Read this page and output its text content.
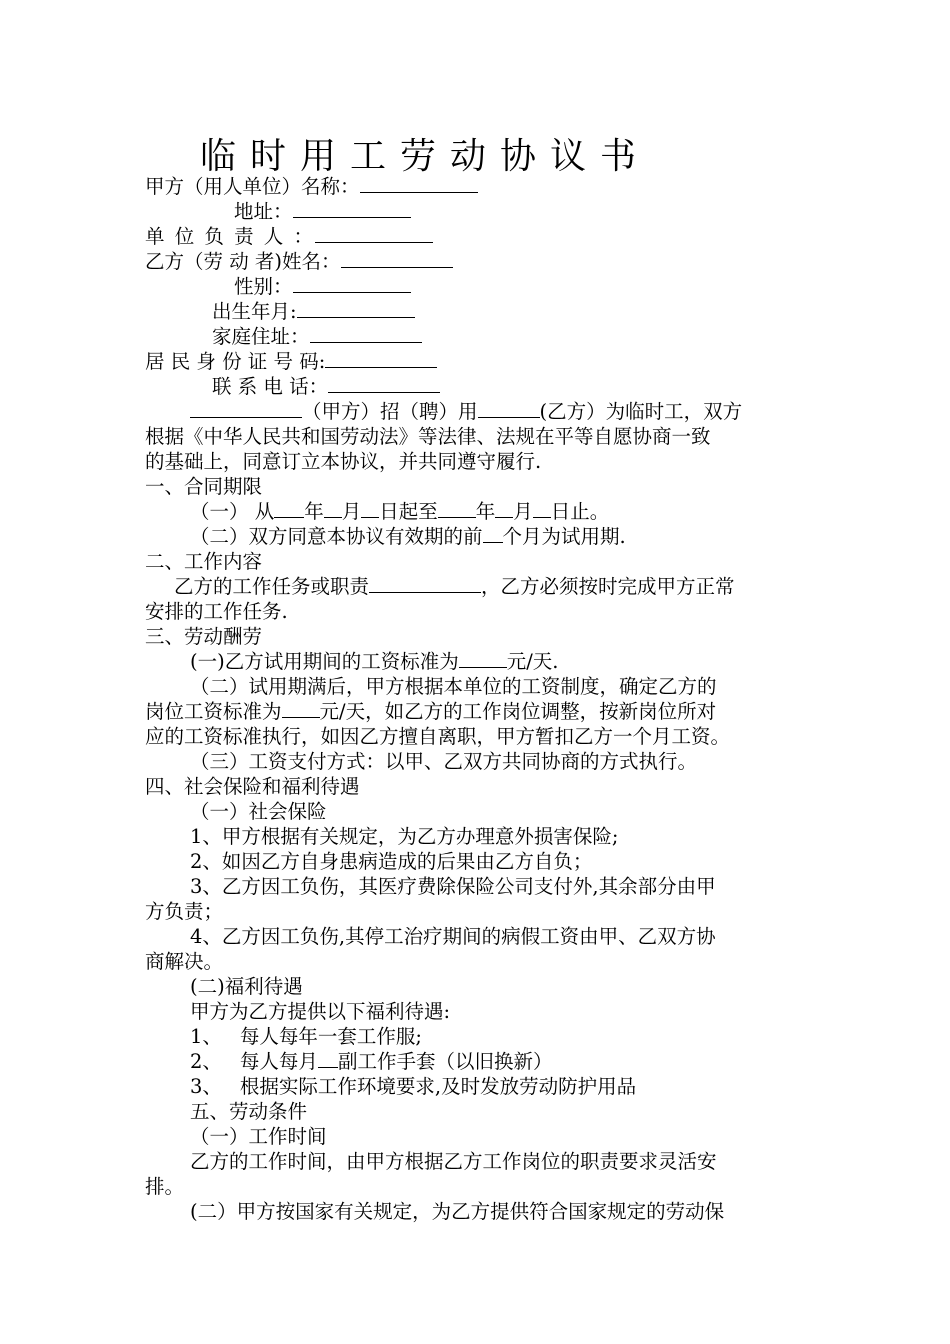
临时用工劳动协议书
甲方（用人单位）名称：
地址：
单 位 负 责 人 ：
乙方（劳 动 者)姓名：
性别：
出生年月:
家庭住址：
居 民 身 份 证 号 码:
联 系 电 话：
（甲方）招（聘）用	(乙方）为临时工，双方
根据《中华人民共和国劳动法》等法律、法规在平等自愿协商一致
的基础上，同意订立本协议，并共同遵守履行.
一、合同期限
（一） 从 年 月 日起至 年 月 日止。
（二）双方同意本协议有效期的前 个月为试用期.
二、工作内容
乙方的工作任务或职责	，乙方必须按时完成甲方正常
安排的工作任务.
三、劳动酬劳
(一)乙方试用期间的工资标准为 元/天.
（二）试用期满后，甲方根据本单位的工资制度，确定乙方的
岗位工资标准为 元/天，如乙方的工作岗位调整，按新岗位所对
应的工资标准执行，如因乙方擅自离职，甲方暂扣乙方一个月工资。
（三）工资支付方式：以甲、乙双方共同协商的方式执行。
四、社会保险和福利待遇
（一）社会保险
1、甲方根据有关规定，为乙方办理意外损害保险;
2、如因乙方自身患病造成的后果由乙方自负；
3、乙方因工负伤，其医疗费除保险公司支付外,其余部分由甲
方负责；
4、乙方因工负伤,其停工治疗期间的病假工资由甲、乙双方协
商解决。
(二)福利待遇
甲方为乙方提供以下福利待遇:
1、 每人每年一套工作服;
2、 每人每月 副工作手套（以旧换新）
3、 根据实际工作环境要求,及时发放劳动防护用品
五、劳动条件
（一）工作时间
乙方的工作时间，由甲方根据乙方工作岗位的职责要求灵活安
排。
(二）甲方按国家有关规定，为乙方提供符合国家规定的劳动保
